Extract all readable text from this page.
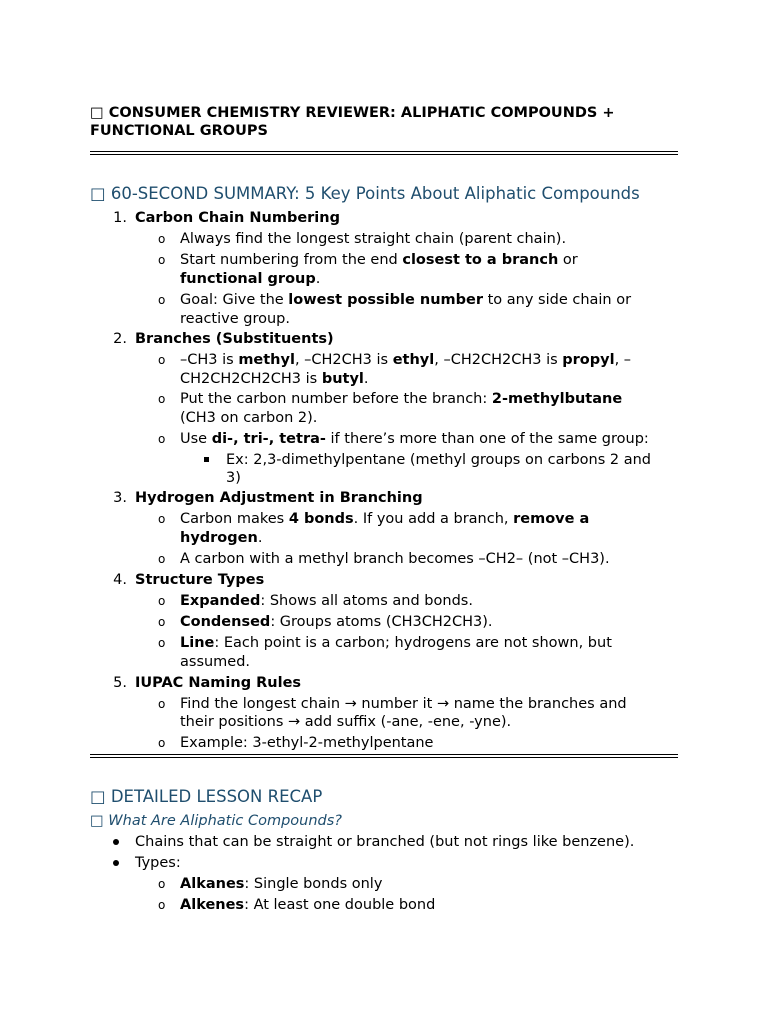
□ CONSUMER CHEMISTRY REVIEWER: ALIPHATIC COMPOUNDS +
FUNCTIONAL GROUPS
□ 60-SECOND SUMMARY: 5 Key Points About Aliphatic Compounds
1. Carbon Chain Numbering
o Always find the longest straight chain (parent chain).
o Start numbering from the end closest to a branch or
functional group.
o Goal: Give the lowest possible number to any side chain or
reactive group.
2. Branches (Substituents)
o –CH3 is methyl, –CH2CH3 is ethyl, –CH2CH2CH3 is propyl, –
CH2CH2CH2CH3 is butyl.
o Put the carbon number before the branch: 2-methylbutane
(CH3 on carbon 2).
o Use di-, tri-, tetra- if there’s more than one of the same group:
Ex: 2,3-dimethylpentane (methyl groups on carbons 2 and
3)
3. Hydrogen Adjustment in Branching
o Carbon makes 4 bonds. If you add a branch, remove a
hydrogen.
o A carbon with a methyl branch becomes –CH2– (not –CH3).
4. Structure Types
o Expanded: Shows all atoms and bonds.
o Condensed: Groups atoms (CH3CH2CH3).
o Line: Each point is a carbon; hydrogens are not shown, but
assumed.
5. IUPAC Naming Rules
o Find the longest chain → number it → name the branches and
their positions → add suffix (-ane, -ene, -yne).
o Example: 3-ethyl-2-methylpentane
□ DETAILED LESSON RECAP
□ What Are Aliphatic Compounds?
Chains that can be straight or branched (but not rings like benzene).
Types:
o Alkanes: Single bonds only
o Alkenes: At least one double bond
